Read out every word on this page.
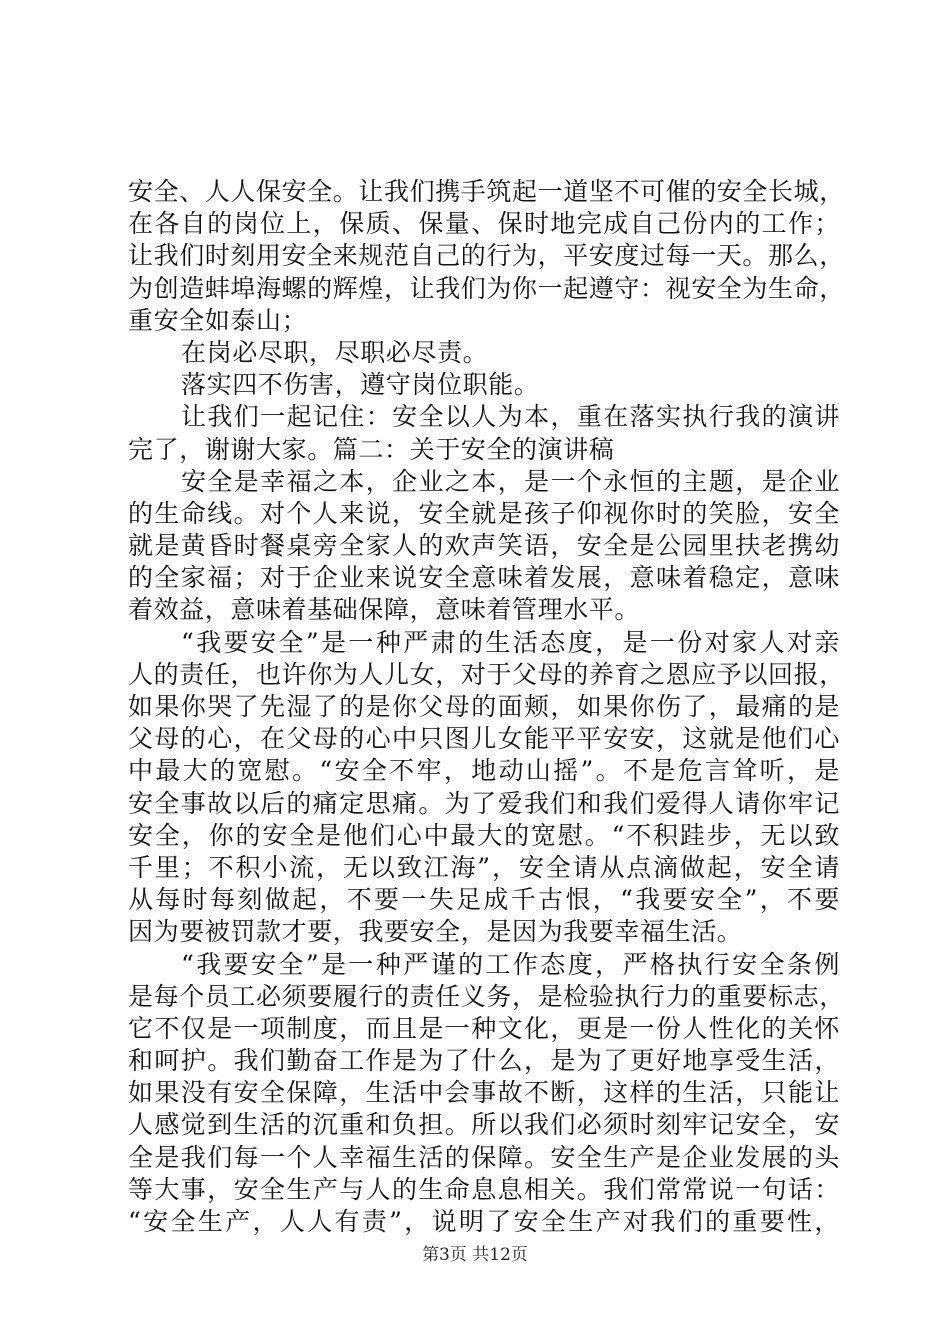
安全、人人保安全。让我们携手筑起一道坚不可催的安全长城，
在各自的岗位上，保质、保量、保时地完成自己份内的工作；
让我们时刻用安全来规范自己的行为，平安度过每一天。那么，
为创造蚌埠海螺的辉煌，让我们为你一起遵守：视安全为生命，
重安全如泰山；
在岗必尽职，尽职必尽责。
落实四不伤害，遵守岗位职能。
让我们一起记住：安全以人为本，重在落实执行我的演讲
完了，谢谢大家。篇二：关于安全的演讲稿
安全是幸福之本，企业之本，是一个永恒的主题，是企业
的生命线。对个人来说，安全就是孩子仰视你时的笑脸，安全
就是黄昏时餐桌旁全家人的欢声笑语，安全是公园里扶老携幼
的全家福；对于企业来说安全意味着发展，意味着稳定，意味
着效益，意味着基础保障，意味着管理水平。
“我要安全”是一种严肃的生活态度，是一份对家人对亲
人的责任，也许你为人儿女，对于父母的养育之恩应予以回报，
如果你哭了先湿了的是你父母的面颊，如果你伤了，最痛的是
父母的心，在父母的心中只图儿女能平平安安，这就是他们心
中最大的宽慰。“安全不牢，地动山摇”。不是危言耸听，是
安全事故以后的痛定思痛。为了爱我们和我们爱得人请你牢记
安全，你的安全是他们心中最大的宽慰。“不积跬步，无以致
千里；不积小流，无以致江海”，安全请从点滴做起，安全请
从每时每刻做起，不要一失足成千古恨，“我要安全”，不要
因为要被罚款才要，我要安全，是因为我要幸福生活。
“我要安全”是一种严谨的工作态度，严格执行安全条例
是每个员工必须要履行的责任义务，是检验执行力的重要标志，
它不仅是一项制度，而且是一种文化，更是一份人性化的关怀
和呵护。我们勤奋工作是为了什么，是为了更好地享受生活，
如果没有安全保障，生活中会事故不断，这样的生活，只能让
人感觉到生活的沉重和负担。所以我们必须时刻牢记安全，安
全是我们每一个人幸福生活的保障。安全生产是企业发展的头
等大事，安全生产与人的生命息息相关。我们常常说一句话：
“安全生产，人人有责”，说明了安全生产对我们的重要性，
第3页 共12页
